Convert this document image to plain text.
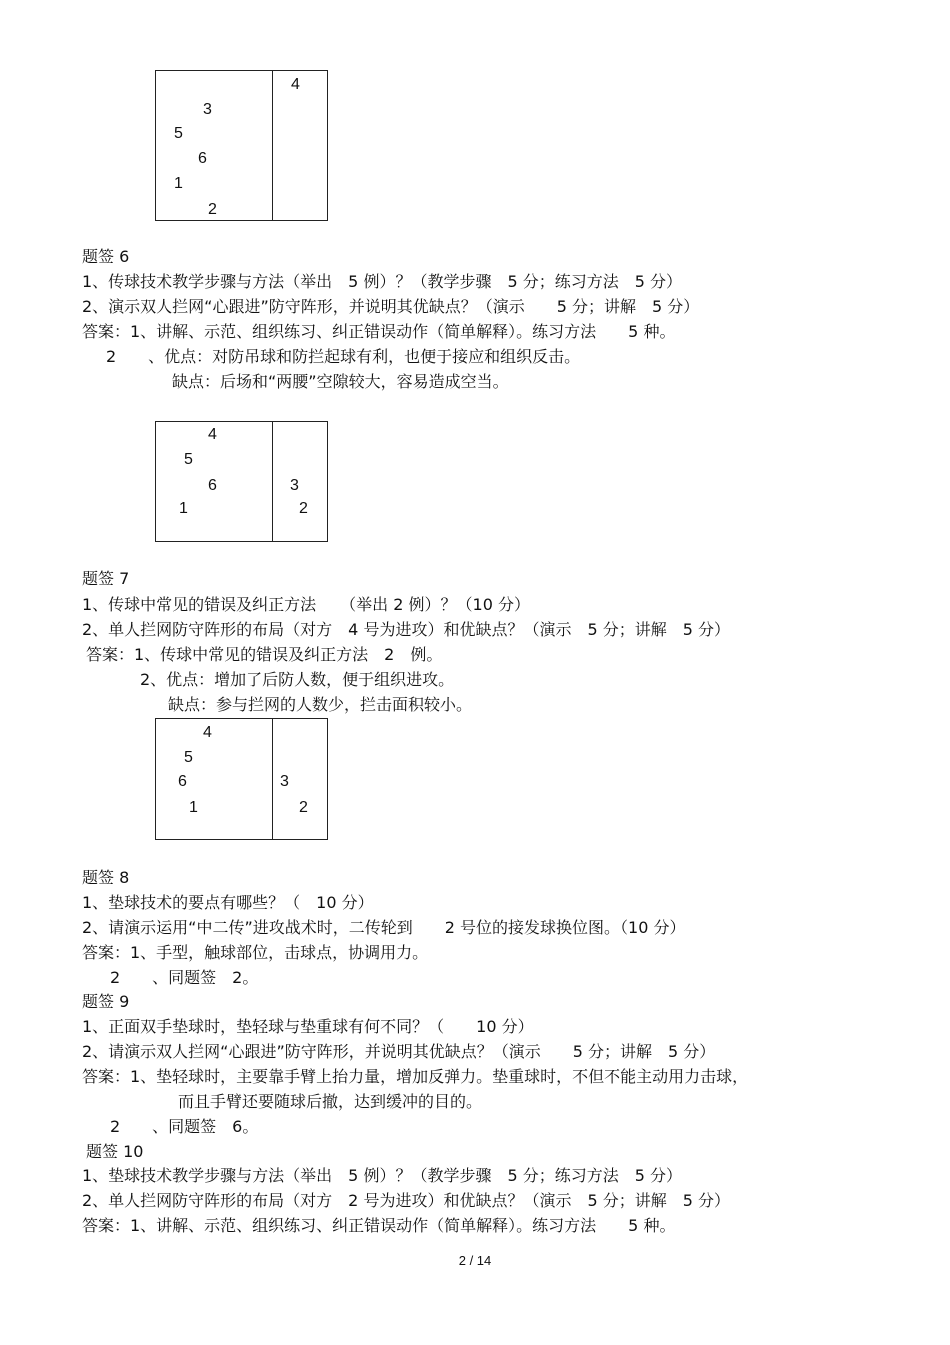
4
3
5
6
1
2
题签 6
1、传球技术教学步骤与方法（举出　5 例）？（教学步骤　5 分；练习方法　5 分）
2、演示双人拦网“心跟进”防守阵形，并说明其优缺点？（演示　　5 分；讲解　5 分）
答案：1、讲解、示范、组织练习、纠正错误动作（简单解释）。练习方法　　5 种。
2　　、优点：对防吊球和防拦起球有利，也便于接应和组织反击。
缺点：后场和“两腰”空隙较大，容易造成空当。
4
5
6
1
3
2
题签 7
1、传球中常见的错误及纠正方法　　（举出 2 例）？（10 分）
2、单人拦网防守阵形的布局（对方　4 号为进攻）和优缺点？（演示　5 分；讲解　5 分）
答案：1、传球中常见的错误及纠正方法　2　例。
2、优点：增加了后防人数，便于组织进攻。
缺点：参与拦网的人数少，拦击面积较小。
4
5
6	3
1	2
题签 8
1、垫球技术的要点有哪些？（　10 分）
2、请演示运用“中二传”进攻战术时，二传轮到　　2 号位的接发球换位图。（10 分）
答案：1、手型，触球部位，击球点，协调用力。
2　　、同题签　2。
题签 9
1、正面双手垫球时，垫轻球与垫重球有何不同？（　　10 分）
2、请演示双人拦网“心跟进”防守阵形，并说明其优缺点？（演示　　5 分；讲解　5 分）
答案：1、垫轻球时，主要靠手臂上抬力量，增加反弹力。垫重球时，不但不能主动用力击球，
而且手臂还要随球后撤，达到缓冲的目的。
2　　、同题签　6。
题签 10
1、垫球技术教学步骤与方法（举出　5 例）？（教学步骤　5 分；练习方法　5 分）
2、单人拦网防守阵形的布局（对方　2 号为进攻）和优缺点？（演示　5 分；讲解　5 分）
答案：1、讲解、示范、组织练习、纠正错误动作（简单解释）。练习方法　　5 种。
2 / 14
